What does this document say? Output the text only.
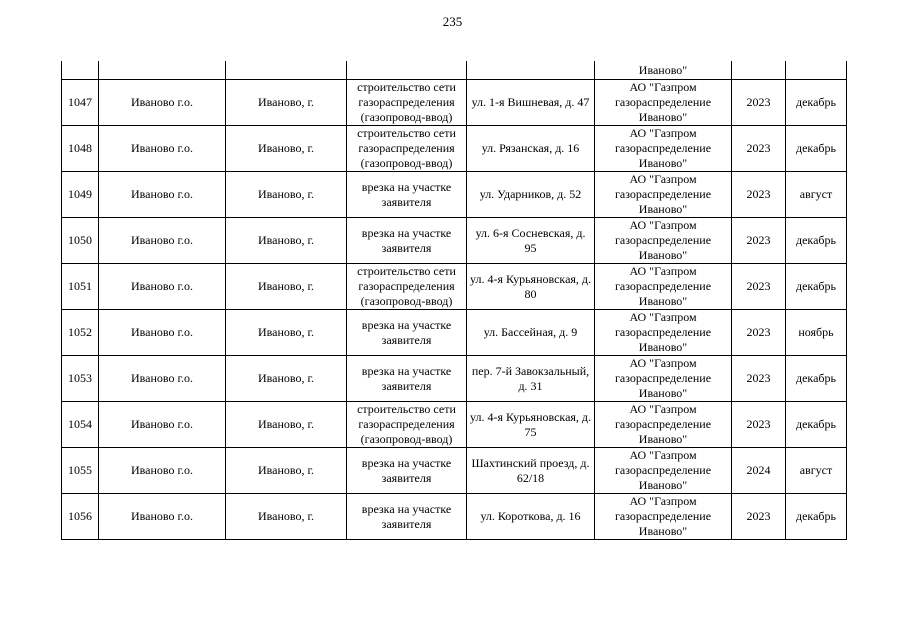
235
					Иваново"		
1047	Иваново г.о.	Иваново, г.	строительство сети газораспределения (газопровод-ввод)	ул. 1-я Вишневая, д. 47	АО "Газпром газораспределение Иваново"	2023	декабрь
1048	Иваново г.о.	Иваново, г.	строительство сети газораспределения (газопровод-ввод)	ул. Рязанская, д. 16	АО "Газпром газораспределение Иваново"	2023	декабрь
1049	Иваново г.о.	Иваново, г.	врезка на участке заявителя	ул. Ударников, д. 52	АО "Газпром газораспределение Иваново"	2023	август
1050	Иваново г.о.	Иваново, г.	врезка на участке заявителя	ул. 6-я Сосневская, д. 95	АО "Газпром газораспределение Иваново"	2023	декабрь
1051	Иваново г.о.	Иваново, г.	строительство сети газораспределения (газопровод-ввод)	ул. 4-я Курьяновская, д. 80	АО "Газпром газораспределение Иваново"	2023	декабрь
1052	Иваново г.о.	Иваново, г.	врезка на участке заявителя	ул. Бассейная, д. 9	АО "Газпром газораспределение Иваново"	2023	ноябрь
1053	Иваново г.о.	Иваново, г.	врезка на участке заявителя	пер. 7-й Завокзальный, д. 31	АО "Газпром газораспределение Иваново"	2023	декабрь
1054	Иваново г.о.	Иваново, г.	строительство сети газораспределения (газопровод-ввод)	ул. 4-я Курьяновская, д. 75	АО "Газпром газораспределение Иваново"	2023	декабрь
1055	Иваново г.о.	Иваново, г.	врезка на участке заявителя	Шахтинский проезд, д. 62/18	АО "Газпром газораспределение Иваново"	2024	август
1056	Иваново г.о.	Иваново, г.	врезка на участке заявителя	ул. Короткова, д. 16	АО "Газпром газораспределение Иваново"	2023	декабрь
